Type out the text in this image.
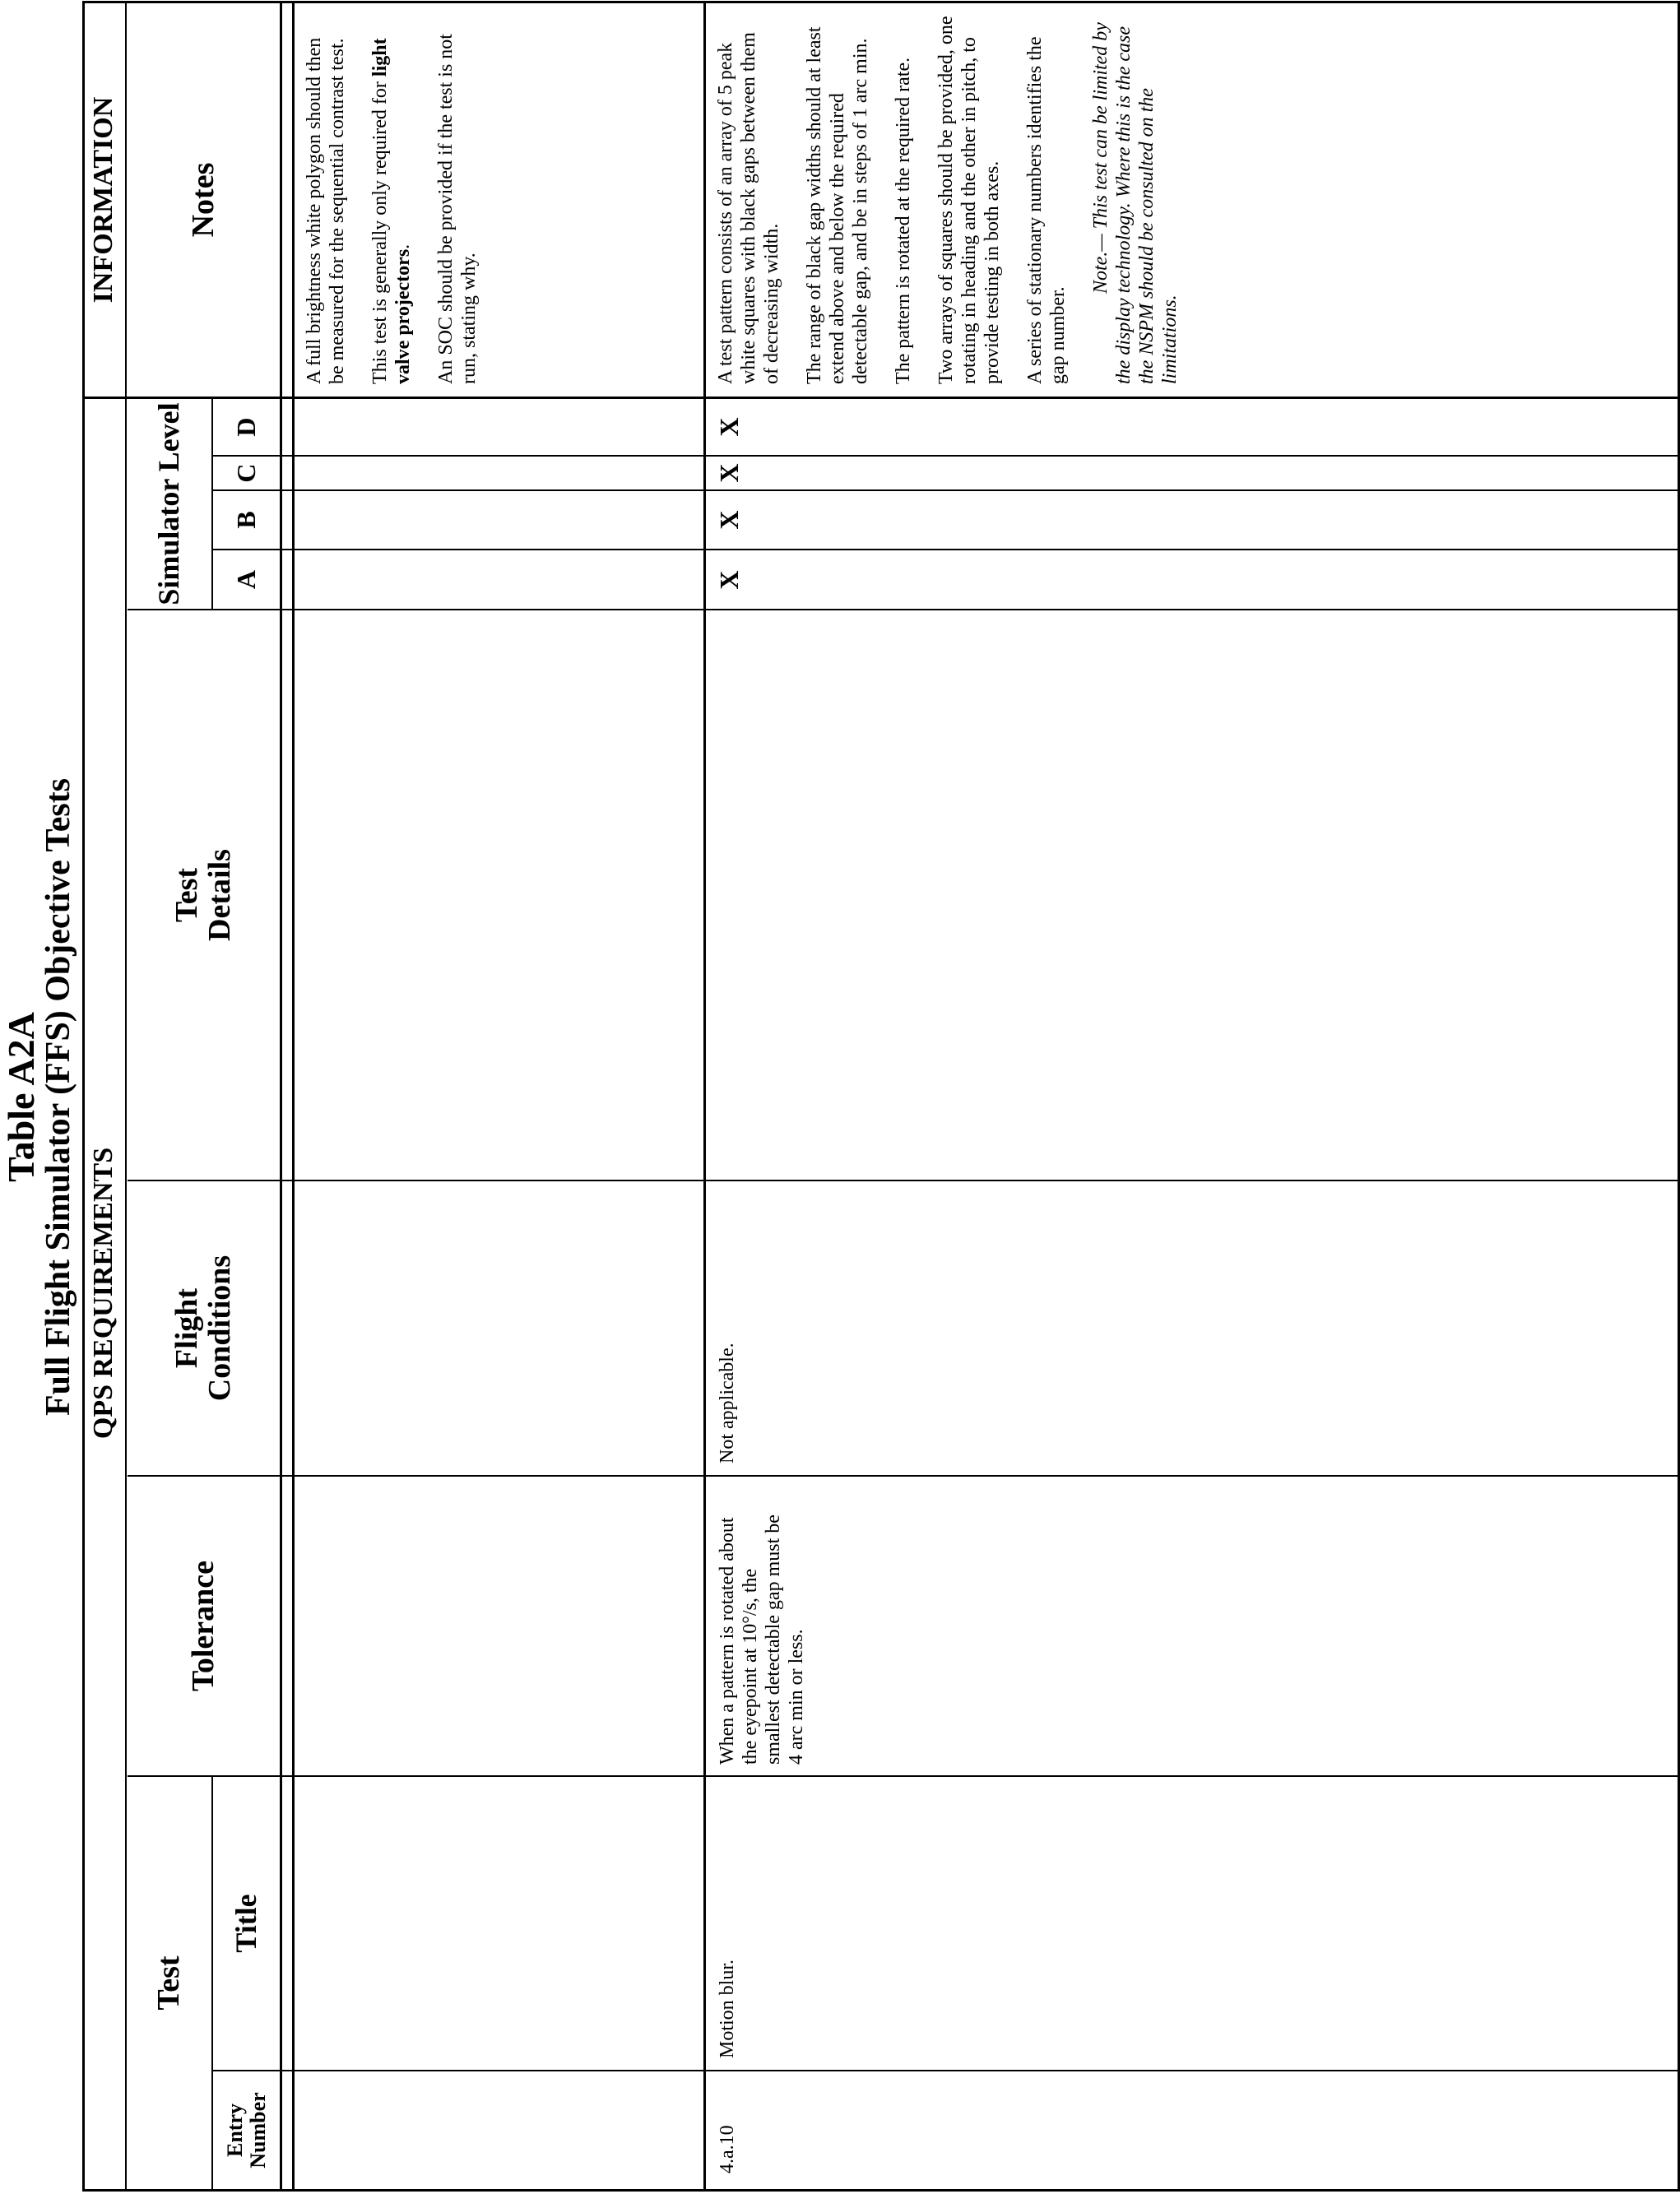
Table A2A
Full Flight Simulator (FFS) Objective Tests QPS REQUIREMENTS
INFORMATION
Test
Entry Number
Title
Tolerance
Flight Conditions
Test Details
Simulator Level	A
B
C
D
Notes	A full brightness white polygon should then be measured for the sequential contrast test. This test is generally only required for light valve projectors. An SOC should be provided if the test is not run, stating why.

4.a.10
Motion blur.
When a pattern is rotated about the eyepoint at 10°/s, the smallest detectable gap must be 4 arc min or less.
Not applicable.
X
X
X
X

A test pattern consists of an array of 5 peak white squares with black gaps between them of decreasing width. The range of black gap widths should at least extend above and below the required detectable gap, and be in steps of 1 arc min. The pattern is rotated at the required rate. Two arrays of squares should be provided, one rotating in heading and the other in pitch, to provide testing in both axes. A series of stationary numbers identifies the gap number.

Note.— This test can be limited by the display technology. Where this is the case the NSPM should be consulted on the limitations.
